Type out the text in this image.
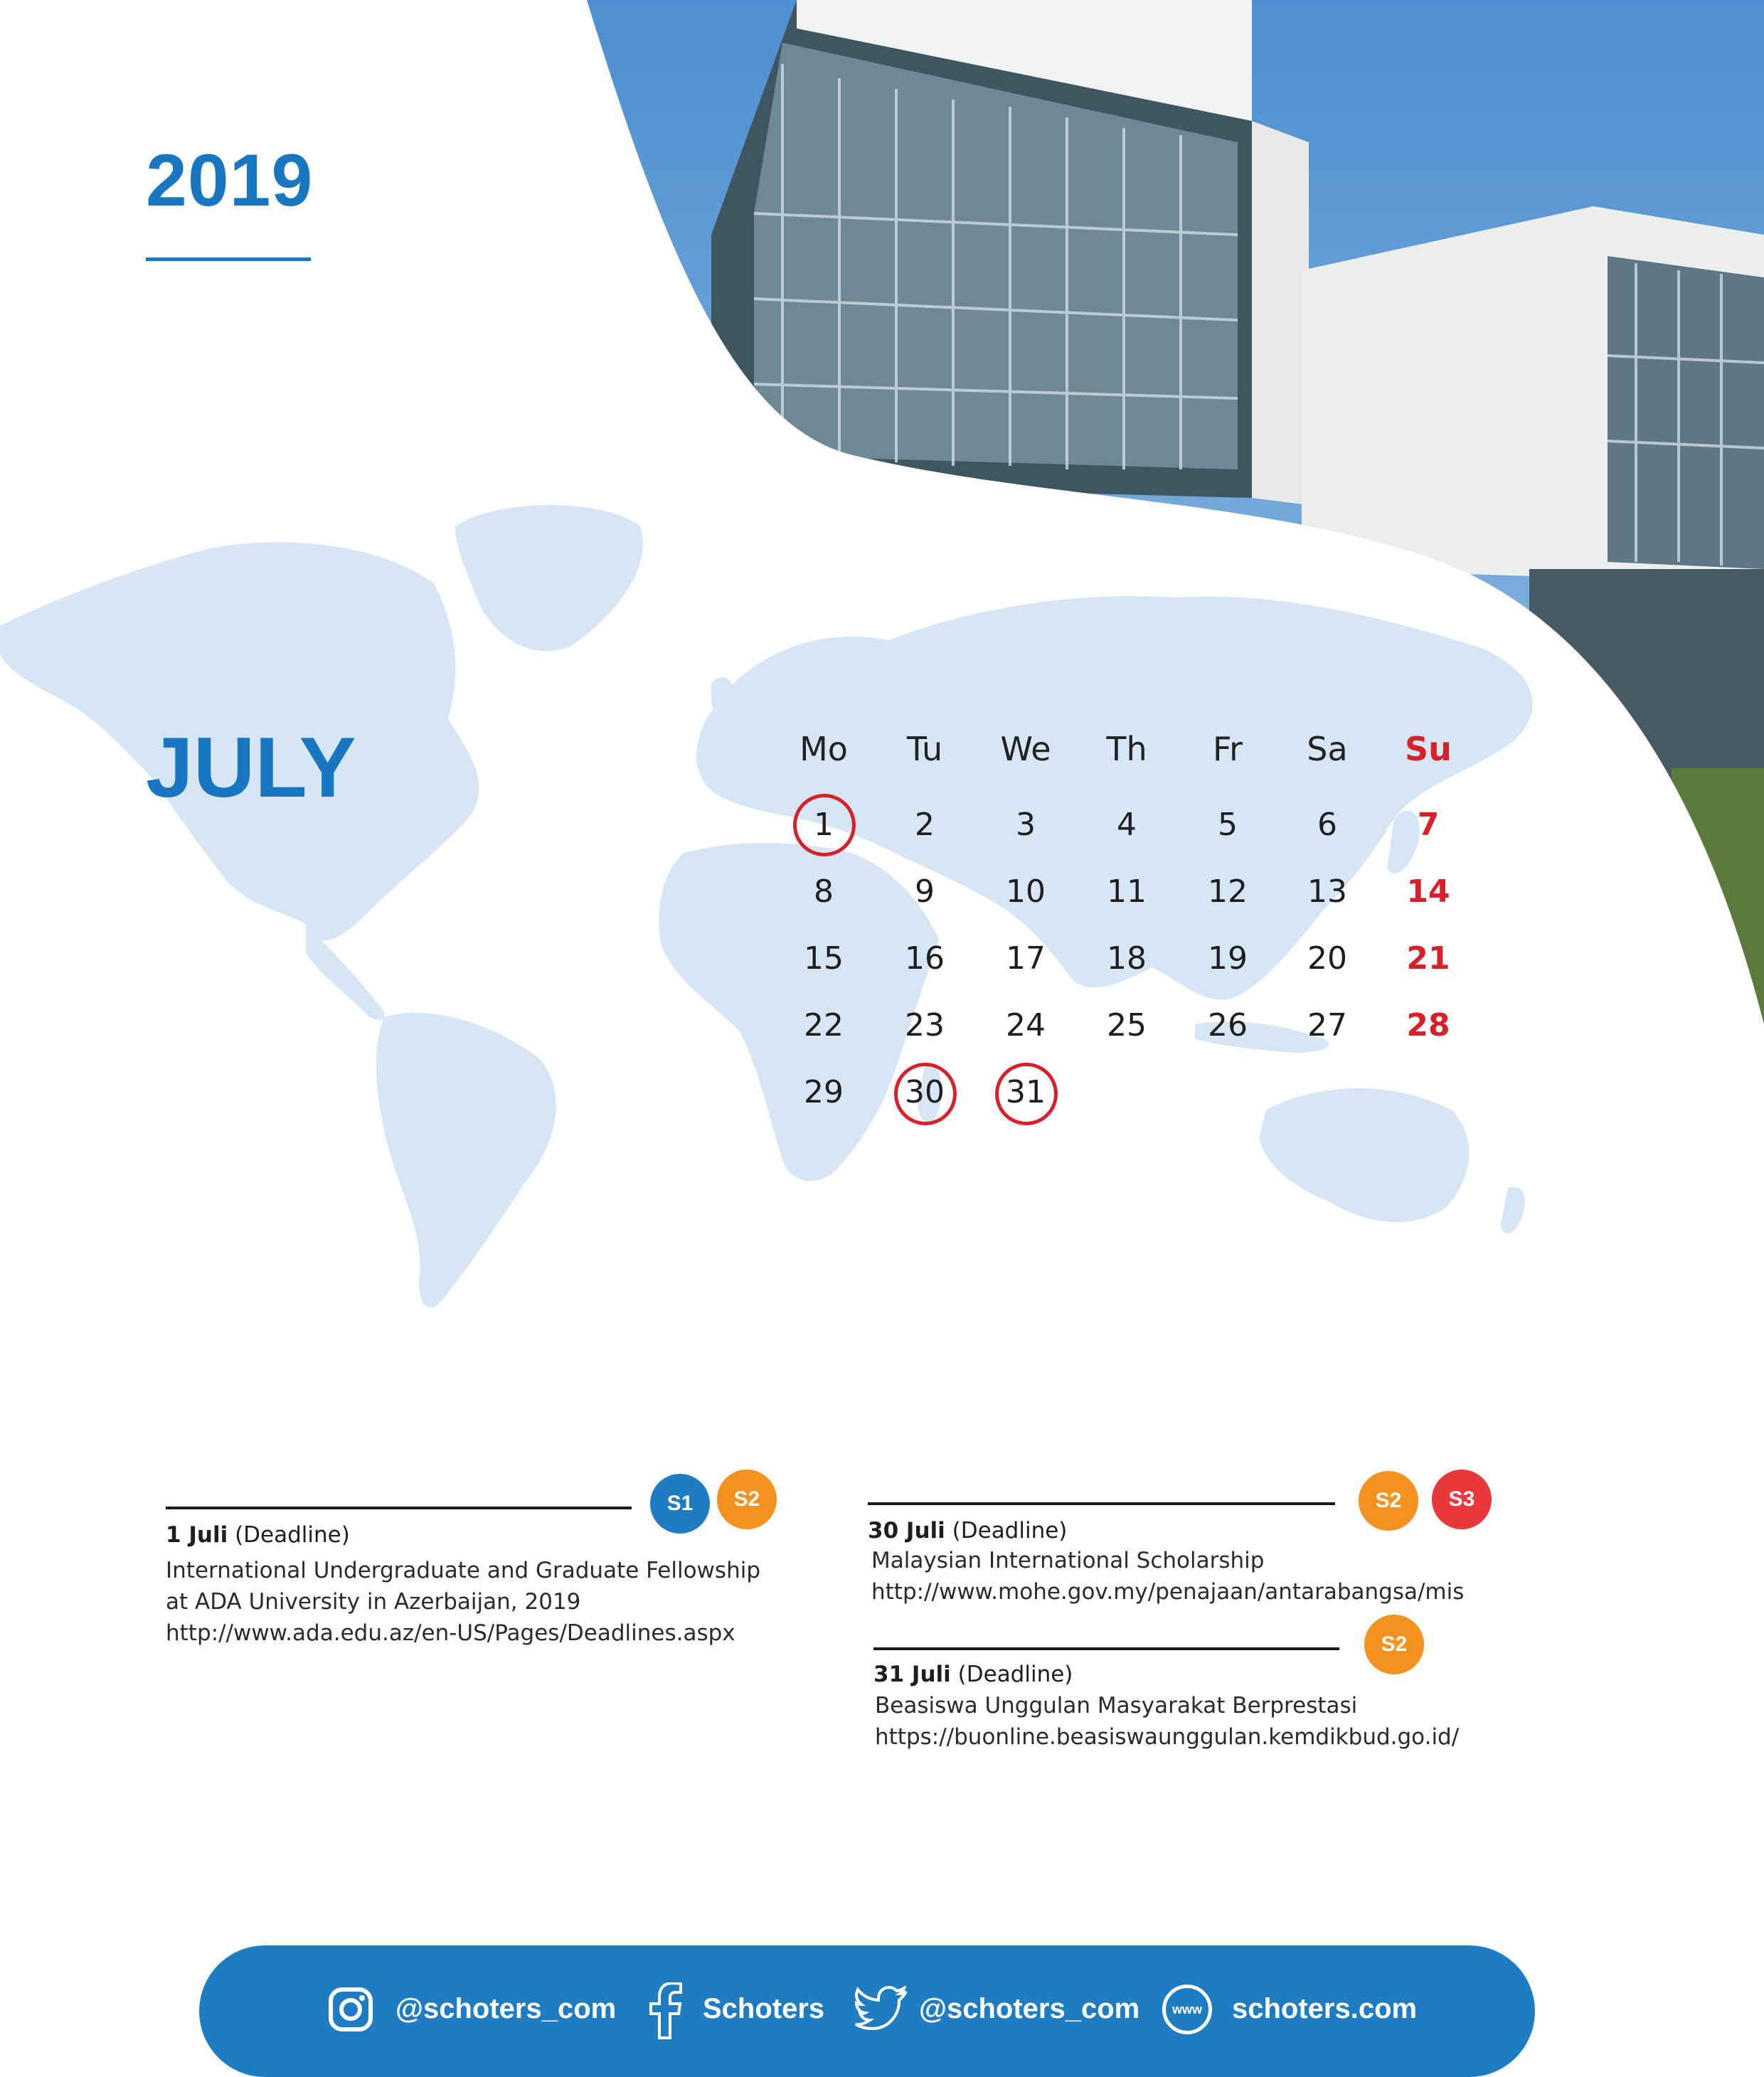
2019
JULY	Mo	Tu	We	Th	Fr	Sa	Su
1	2	3	4	5	6	7
8	9	10	11	12	13	14
15	16	17	18	19	20	21
22	23	24	25	26	27	28
29	30	31
S1	S2
1 Juli (Deadline)
International Undergraduate and Graduate Fellowship
at ADA University in Azerbaijan, 2019
http://www.ada.edu.az/en-US/Pages/Deadlines.aspx
S2	S3
30 Juli (Deadline)
Malaysian International Scholarship
http://www.mohe.gov.my/penajaan/antarabangsa/mis
S2
31 Juli (Deadline)
Beasiswa Unggulan Masyarakat Berprestasi
https://buonline.beasiswaunggulan.kemdikbud.go.id/
@schoters_com	Schoters	@schoters_com	www	schoters.com
